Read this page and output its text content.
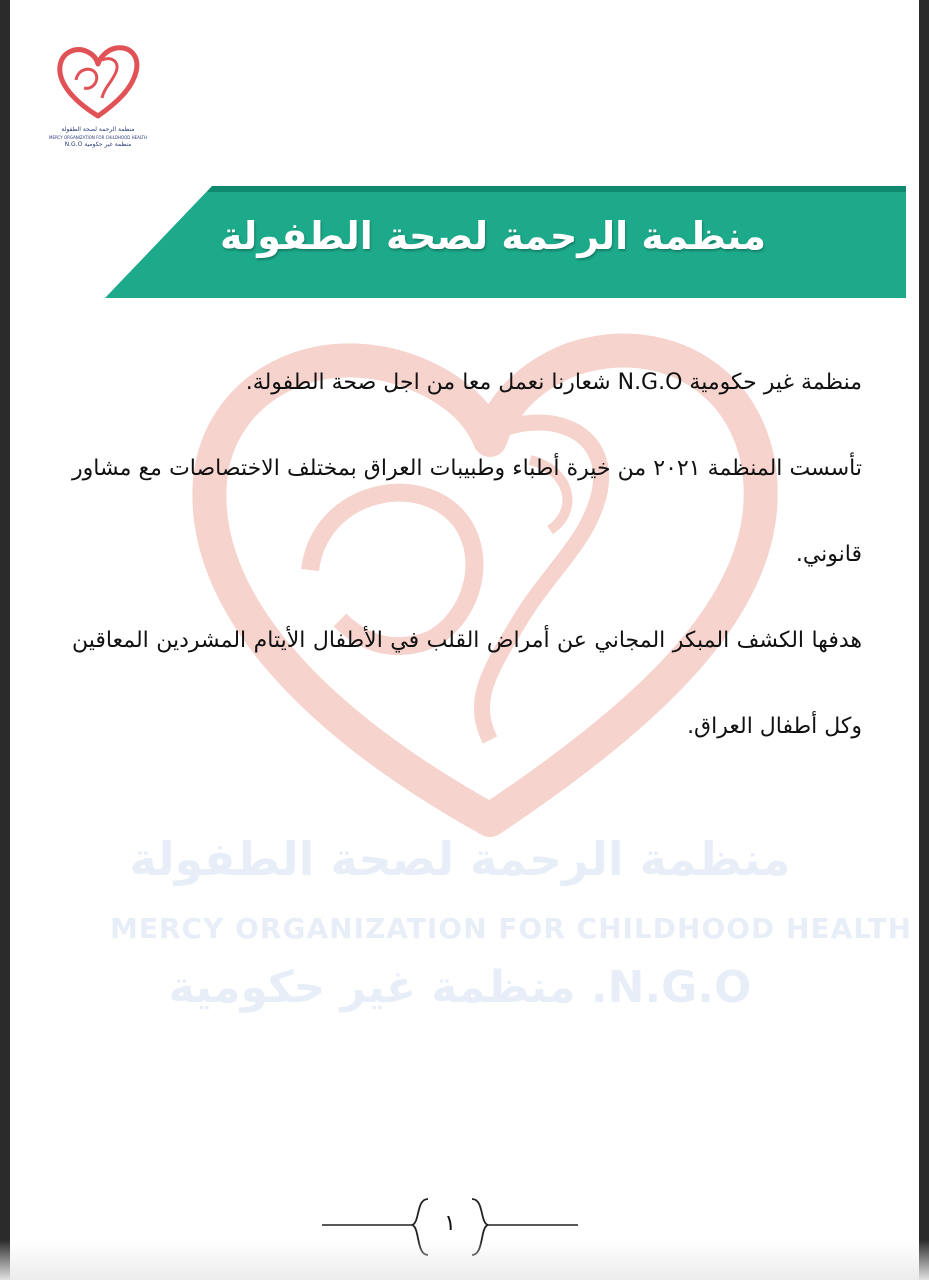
منظمة الرحمة لصحة الطفولة
MERCY ORGANIZATION FOR CHILDHOOD HEALTH
N.G.O. منظمة غير حكومية
منظمة الرحمة لصحة الطفولة
MERCY ORGANIZATION FOR CHILDHOOD HEALTH
منظمة غير حكومية N.G.O
منظمة الرحمة لصحة الطفولة

منظمة غير حكومية N.G.O شعارنا نعمل معا من اجل صحة الطفولة.

تأسست المنظمة ٢٠٢١ من خيرة أطباء وطبيبات العراق بمختلف الاختصاصات مع مشاور قانوني.

هدفها الكشف المبكر المجاني عن أمراض القلب في الأطفال الأيتام المشردين المعاقين وكل أطفال العراق.

١
